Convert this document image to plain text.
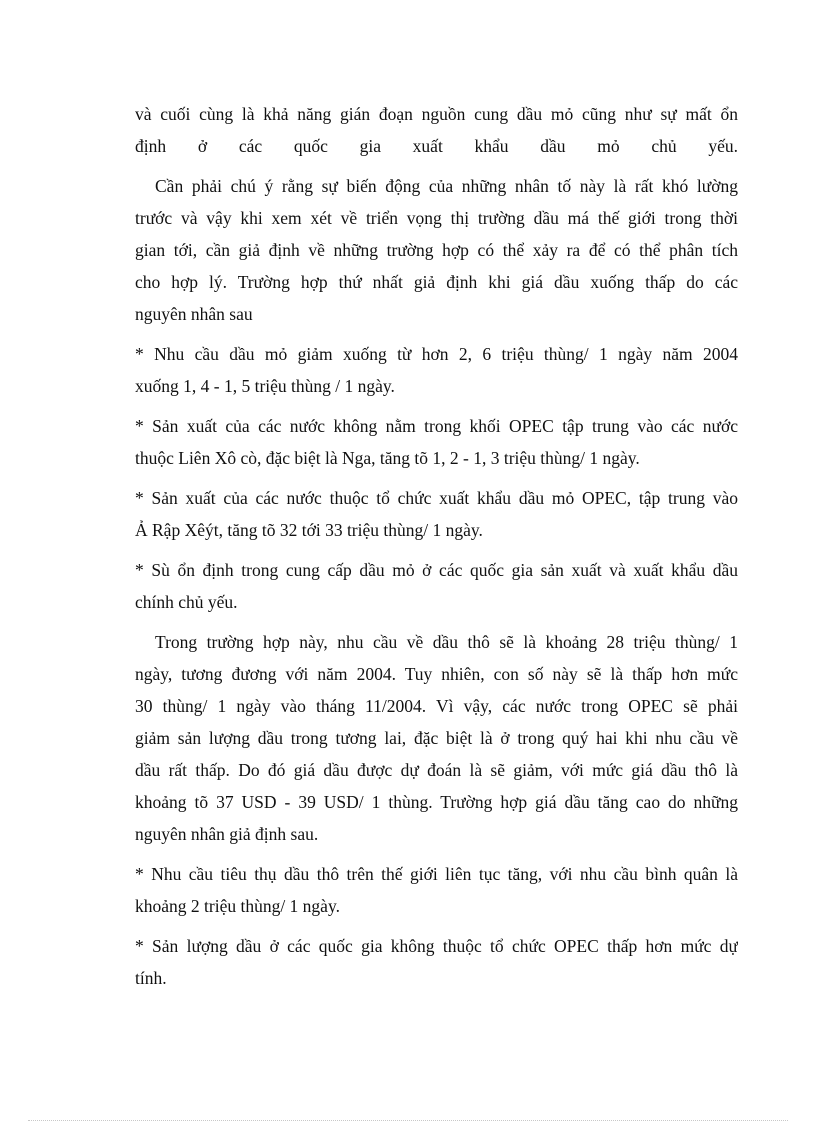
và cuối cùng là khả năng gián đoạn nguồn cung dầu mỏ cũng như sự mất ổn
định ở các quốc gia xuất khẩu dầu mỏ chủ yếu.
Cần phải chú ý rằng sự biến động của những nhân tố này là rất khó lường
trước và vậy khi xem xét về triển vọng thị trường dầu má thế giới trong thời
gian tới, cần giả định về những trường hợp có thể xảy ra để có thể phân tích
cho hợp lý. Trường hợp thứ nhất giả định khi giá dầu xuống thấp do các
nguyên nhân sau
* Nhu cầu dầu mỏ giảm xuống từ hơn 2, 6 triệu thùng/ 1 ngày năm 2004
xuống 1, 4 - 1, 5 triệu thùng / 1 ngày.
* Sản xuất của các nước không nằm trong khối OPEC tập trung vào các nước
thuộc Liên Xô cò, đặc biệt là Nga, tăng tõ 1, 2 - 1, 3 triệu thùng/ 1 ngày.
* Sản xuất của các nước thuộc tổ chức xuất khẩu dầu mỏ OPEC, tập trung vào
Ả Rập Xêýt, tăng tõ 32 tới 33 triệu thùng/ 1 ngày.
* Sù ổn định trong cung cấp dầu mỏ ở các quốc gia sản xuất và xuất khẩu dầu
chính chủ yếu.
Trong trường hợp này, nhu cầu về dầu thô sẽ là khoảng 28 triệu thùng/ 1
ngày, tương đương với năm 2004. Tuy nhiên, con số này sẽ là thấp hơn mức
30 thùng/ 1 ngày vào tháng 11/2004. Vì vậy, các nước trong OPEC sẽ phải
giảm sản lượng dầu trong tương lai, đặc biệt là ở trong quý hai khi nhu cầu về
dầu rất thấp. Do đó giá dầu được dự đoán là sẽ giảm, với mức giá dầu thô là
khoảng tõ 37 USD - 39 USD/ 1 thùng. Trường hợp giá dầu tăng cao do những
nguyên nhân giả định sau.
* Nhu cầu tiêu thụ dầu thô trên thế giới liên tục tăng, với nhu cầu bình quân là
khoảng 2 triệu thùng/ 1 ngày.
* Sản lượng dầu ở các quốc gia không thuộc tổ chức OPEC thấp hơn mức dự
tính.
